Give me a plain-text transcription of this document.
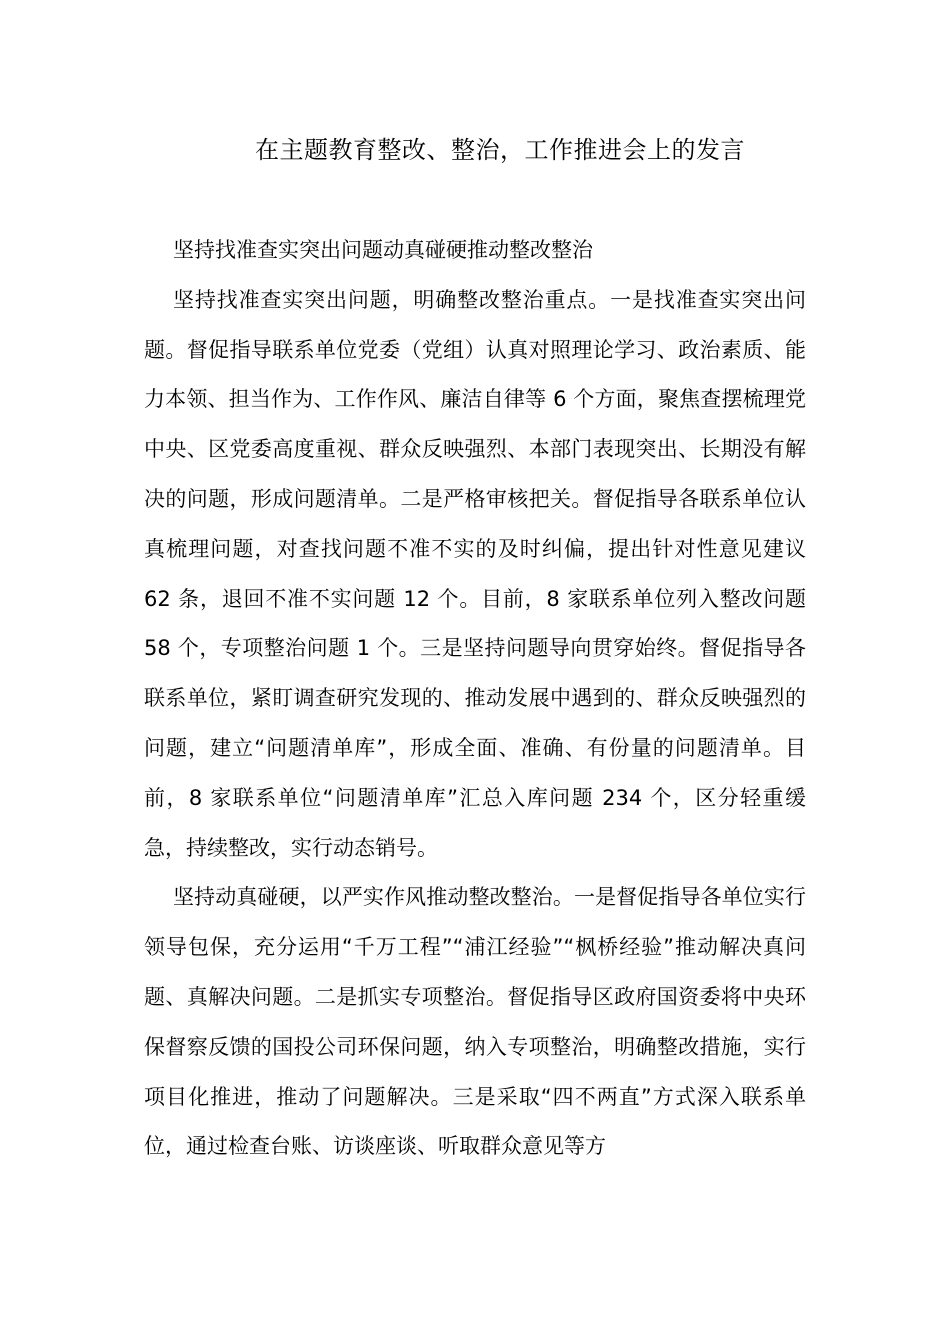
在主题教育整改、整治，工作推进会上的发言

坚持找准查实突出问题动真碰硬推动整改整治

坚持找准查实突出问题，明确整改整治重点。一是找准查实突出问题。督促指导联系单位党委（党组）认真对照理论学习、政治素质、能力本领、担当作为、工作作风、廉洁自律等 6 个方面，聚焦查摆梳理党中央、区党委高度重视、群众反映强烈、本部门表现突出、长期没有解决的问题，形成问题清单。二是严格审核把关。督促指导各联系单位认真梳理问题，对查找问题不准不实的及时纠偏，提出针对性意见建议 62 条，退回不准不实问题 12 个。目前，8 家联系单位列入整改问题 58 个，专项整治问题 1 个。三是坚持问题导向贯穿始终。督促指导各联系单位，紧盯调查研究发现的、推动发展中遇到的、群众反映强烈的问题，建立“问题清单库”，形成全面、准确、有份量的问题清单。目前，8 家联系单位“问题清单库”汇总入库问题 234 个，区分轻重缓急，持续整改，实行动态销号。

坚持动真碰硬，以严实作风推动整改整治。一是督促指导各单位实行领导包保，充分运用“千万工程”“浦江经验”“枫桥经验”推动解决真问题、真解决问题。二是抓实专项整治。督促指导区政府国资委将中央环保督察反馈的国投公司环保问题，纳入专项整治，明确整改措施，实行项目化推进，推动了问题解决。三是采取“四不两直”方式深入联系单位，通过检查台账、访谈座谈、听取群众意见等方
